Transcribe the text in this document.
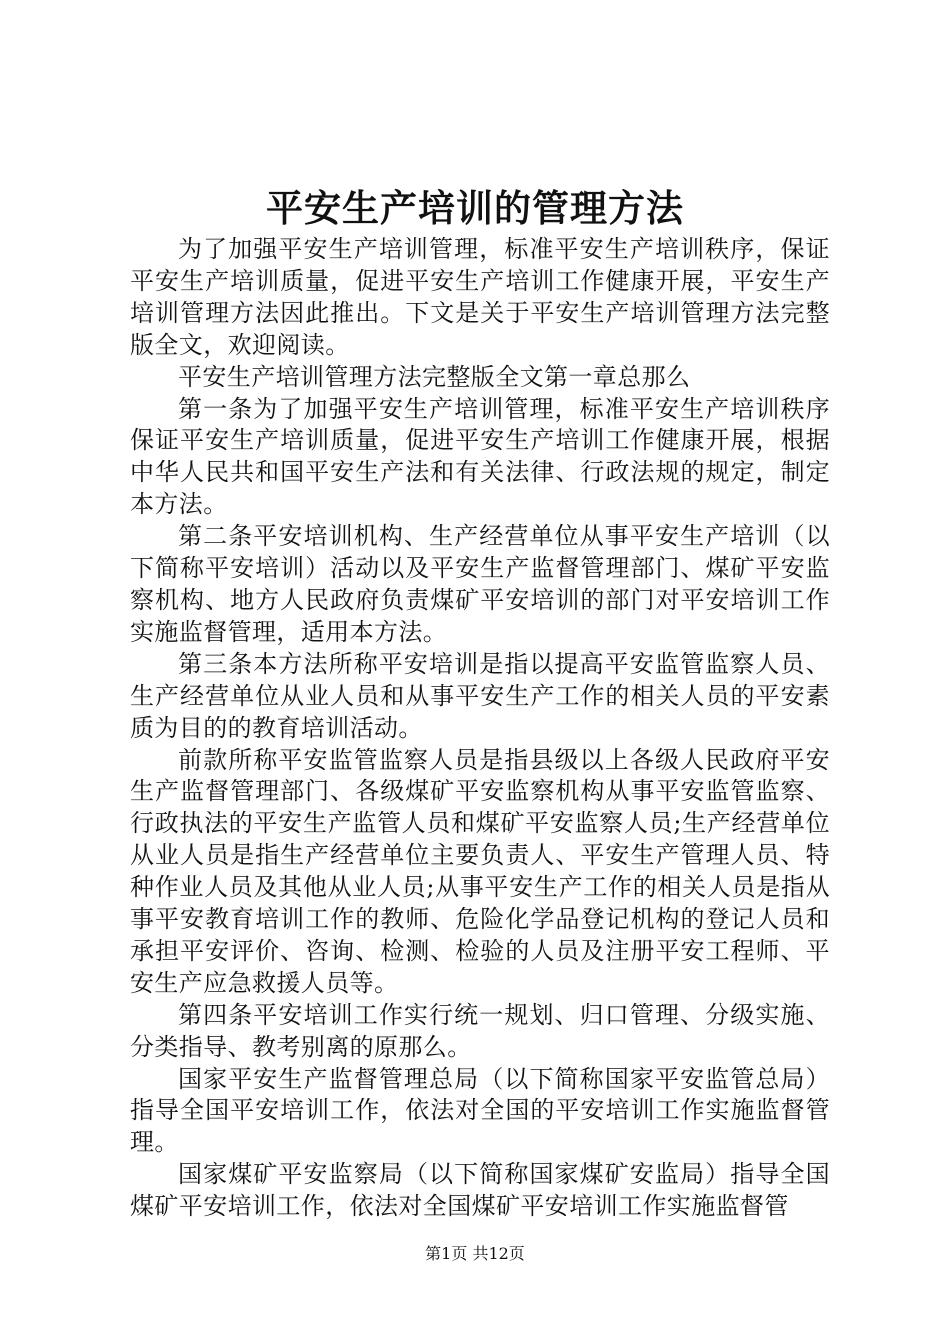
平安生产培训的管理方法

为了加强平安生产培训管理，标准平安生产培训秩序，保证平安生产培训质量，促进平安生产培训工作健康开展，平安生产培训管理方法因此推出。下文是关于平安生产培训管理方法完整版全文，欢迎阅读。

平安生产培训管理方法完整版全文第一章总那么

第一条为了加强平安生产培训管理，标准平安生产培训秩序保证平安生产培训质量，促进平安生产培训工作健康开展，根据中华人民共和国平安生产法和有关法律、行政法规的规定，制定本方法。

第二条平安培训机构、生产经营单位从事平安生产培训（以下简称平安培训）活动以及平安生产监督管理部门、煤矿平安监察机构、地方人民政府负责煤矿平安培训的部门对平安培训工作实施监督管理，适用本方法。

第三条本方法所称平安培训是指以提高平安监管监察人员、生产经营单位从业人员和从事平安生产工作的相关人员的平安素质为目的的教育培训活动。

前款所称平安监管监察人员是指县级以上各级人民政府平安生产监督管理部门、各级煤矿平安监察机构从事平安监管监察、行政执法的平安生产监管人员和煤矿平安监察人员;生产经营单位从业人员是指生产经营单位主要负责人、平安生产管理人员、特种作业人员及其他从业人员;从事平安生产工作的相关人员是指从事平安教育培训工作的教师、危险化学品登记机构的登记人员和承担平安评价、咨询、检测、检验的人员及注册平安工程师、平安生产应急救援人员等。

第四条平安培训工作实行统一规划、归口管理、分级实施、分类指导、教考别离的原那么。

国家平安生产监督管理总局（以下简称国家平安监管总局）指导全国平安培训工作，依法对全国的平安培训工作实施监督管理。

国家煤矿平安监察局（以下简称国家煤矿安监局）指导全国煤矿平安培训工作，依法对全国煤矿平安培训工作实施监督管

第1页 共12页
